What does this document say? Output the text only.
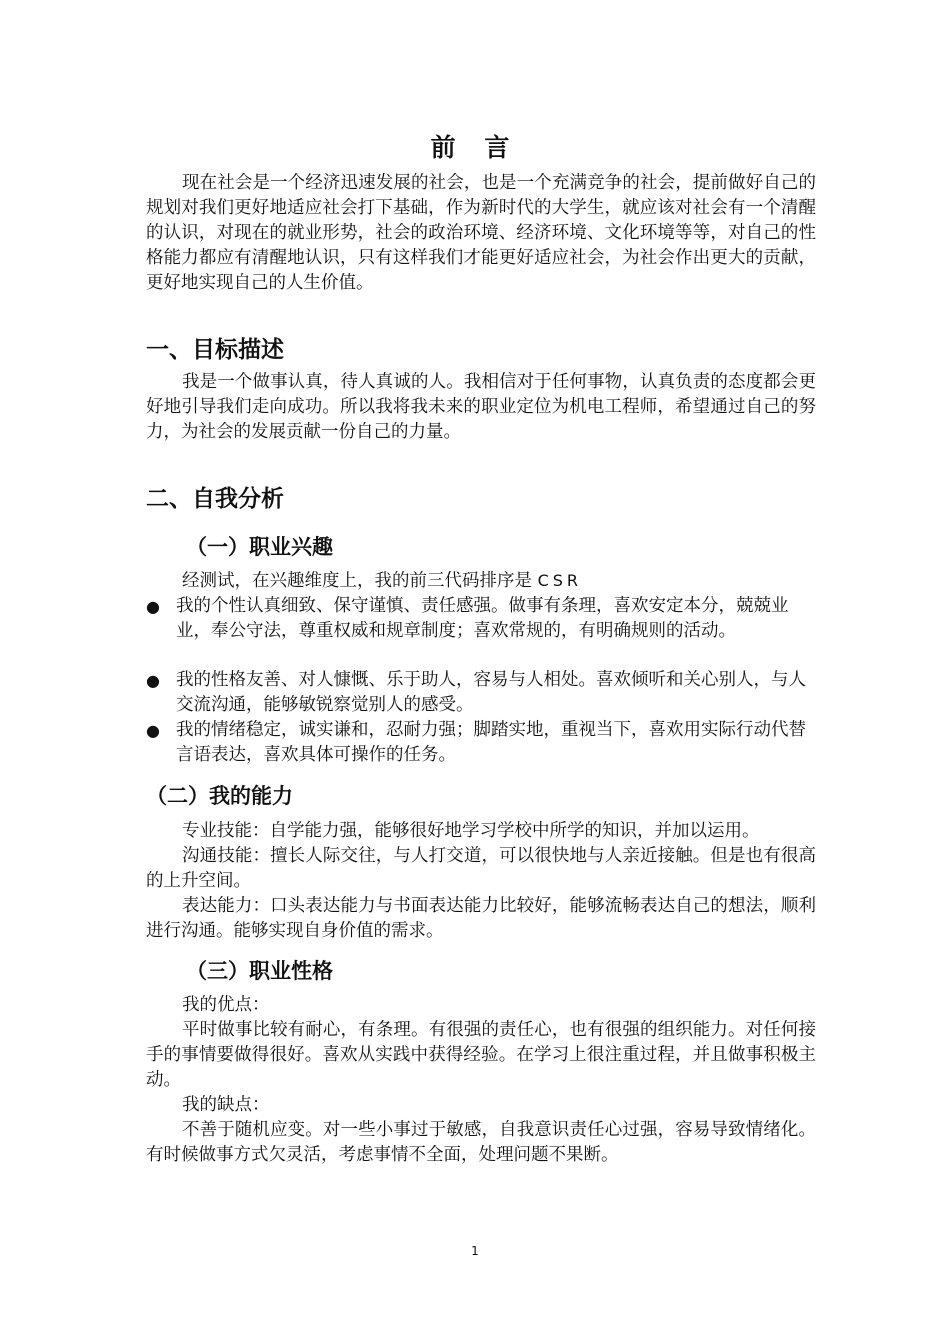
前 言

现在社会是一个经济迅速发展的社会，也是一个充满竞争的社会，提前做好自己的规划对我们更好地适应社会打下基础，作为新时代的大学生，就应该对社会有一个清醒的认识，对现在的就业形势，社会的政治环境、经济环境、文化环境等等，对自己的性格能力都应有清醒地认识，只有这样我们才能更好适应社会，为社会作出更大的贡献，更好地实现自己的人生价值。

一、目标描述

我是一个做事认真，待人真诚的人。我相信对于任何事物，认真负责的态度都会更好地引导我们走向成功。所以我将我未来的职业定位为机电工程师，希望通过自己的努力，为社会的发展贡献一份自己的力量。

二、自我分析
（一）职业兴趣

经测试，在兴趣维度上，我的前三代码排序是 CSR

● 我的个性认真细致、保守谨慎、责任感强。做事有条理，喜欢安定本分，兢兢业业，奉公守法，尊重权威和规章制度；喜欢常规的，有明确规则的活动。
● 我的性格友善、对人慷慨、乐于助人，容易与人相处。喜欢倾听和关心别人，与人交流沟通，能够敏锐察觉别人的感受。
● 我的情绪稳定，诚实谦和，忍耐力强；脚踏实地，重视当下，喜欢用实际行动代替言语表达，喜欢具体可操作的任务。
（二）我的能力

专业技能：自学能力强，能够很好地学习学校中所学的知识，并加以运用。

沟通技能：擅长人际交往，与人打交道，可以很快地与人亲近接触。但是也有很高的上升空间。

表达能力：口头表达能力与书面表达能力比较好，能够流畅表达自己的想法，顺利进行沟通。能够实现自身价值的需求。

（三）职业性格

我的优点：

平时做事比较有耐心，有条理。有很强的责任心，也有很强的组织能力。对任何接手的事情要做得很好。喜欢从实践中获得经验。在学习上很注重过程，并且做事积极主动。

我的缺点：

不善于随机应变。对一些小事过于敏感，自我意识责任心过强，容易导致情绪化。有时候做事方式欠灵活，考虑事情不全面，处理问题不果断。

1
